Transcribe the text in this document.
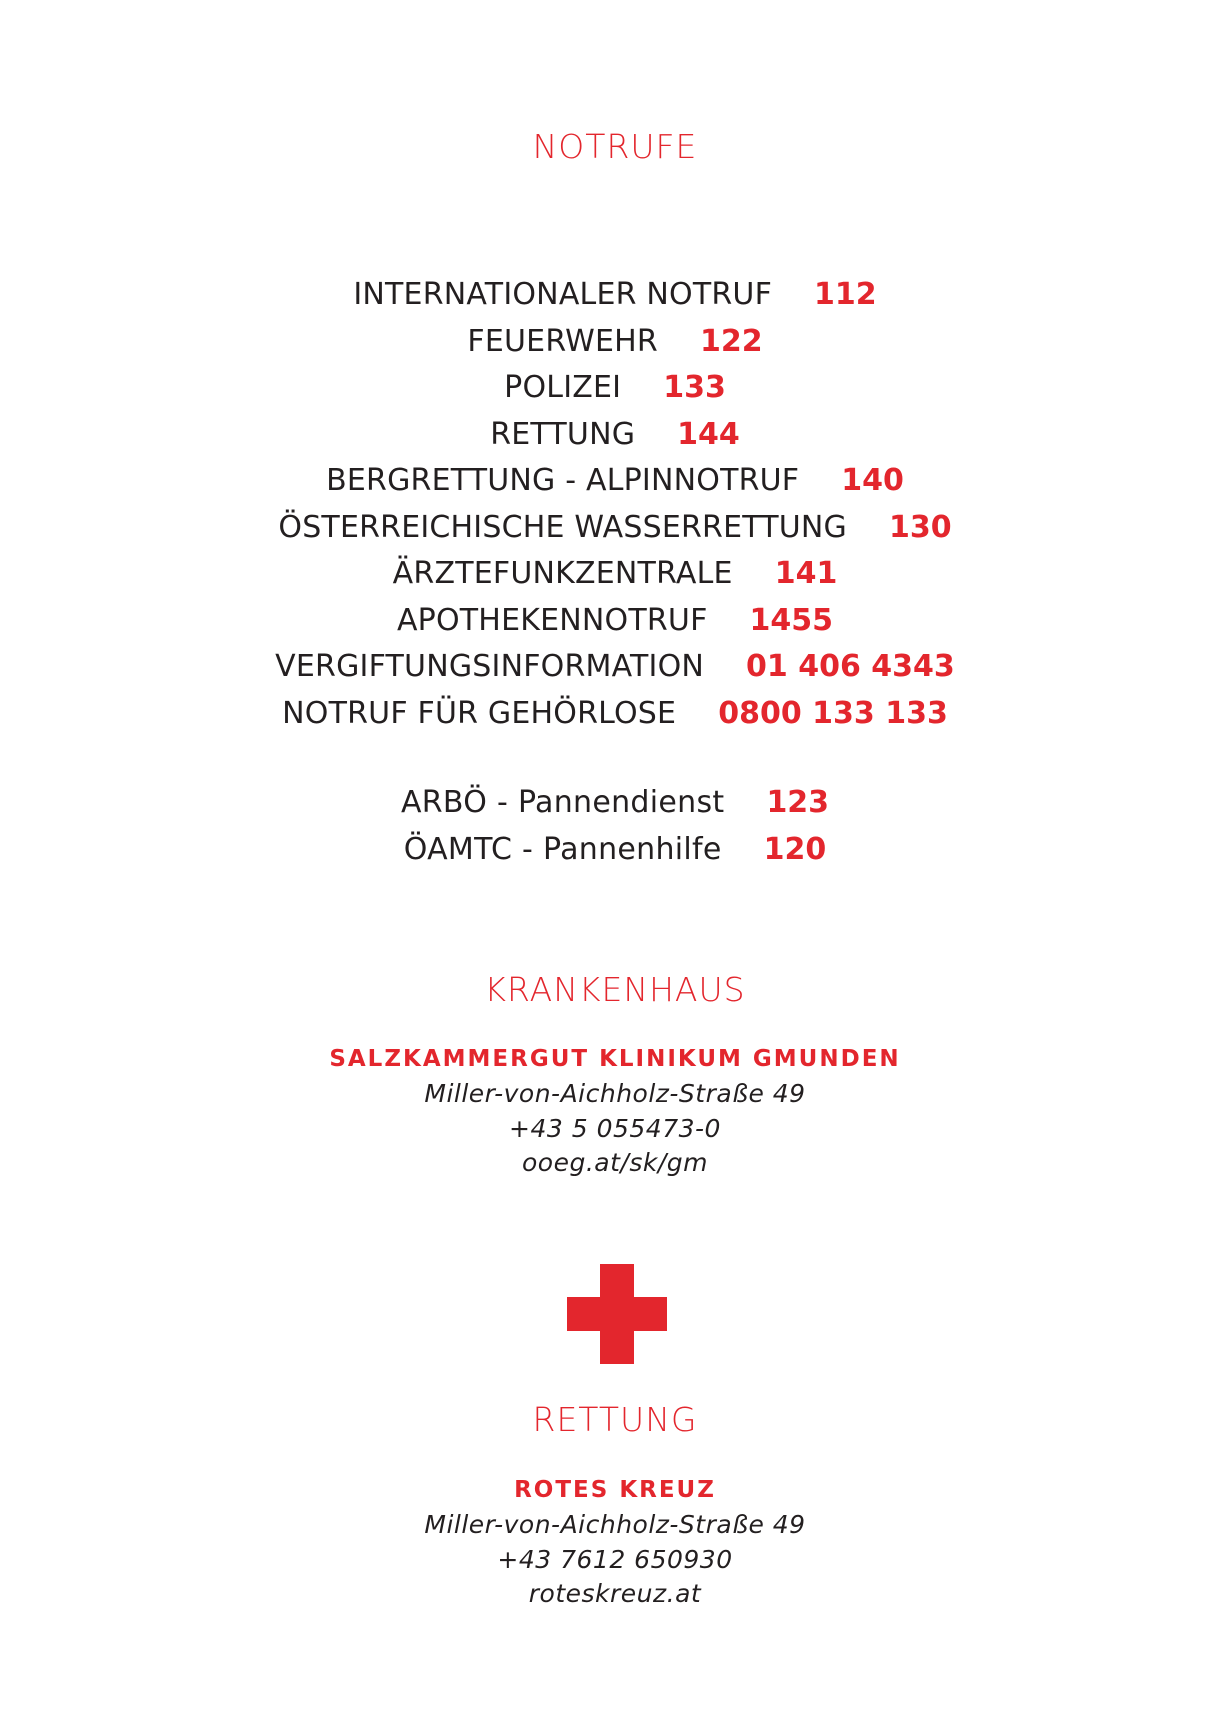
NOTRUFE
INTERNATIONALER NOTRUF 112
FEUERWEHR 122
POLIZEI 133
RETTUNG 144
BERGRETTUNG - ALPINNOTRUF 140
ÖSTERREICHISCHE WASSERRETTUNG 130
ÄRZTEFUNKZENTRALE 141
APOTHEKENNOTRUF 1455
VERGIFTUNGSINFORMATION 01 406 4343
NOTRUF FÜR GEHÖRLOSE 0800 133 133
ARBÖ - Pannendienst 123
ÖAMTC - Pannenhilfe 120
KRANKENHAUS
SALZKAMMERGUT KLINIKUM GMUNDEN
Miller-von-Aichholz-Straße 49
+43 5 055473-0
ooeg.at/sk/gm
RETTUNG
ROTES KREUZ
Miller-von-Aichholz-Straße 49
+43 7612 650930
roteskreuz.at
